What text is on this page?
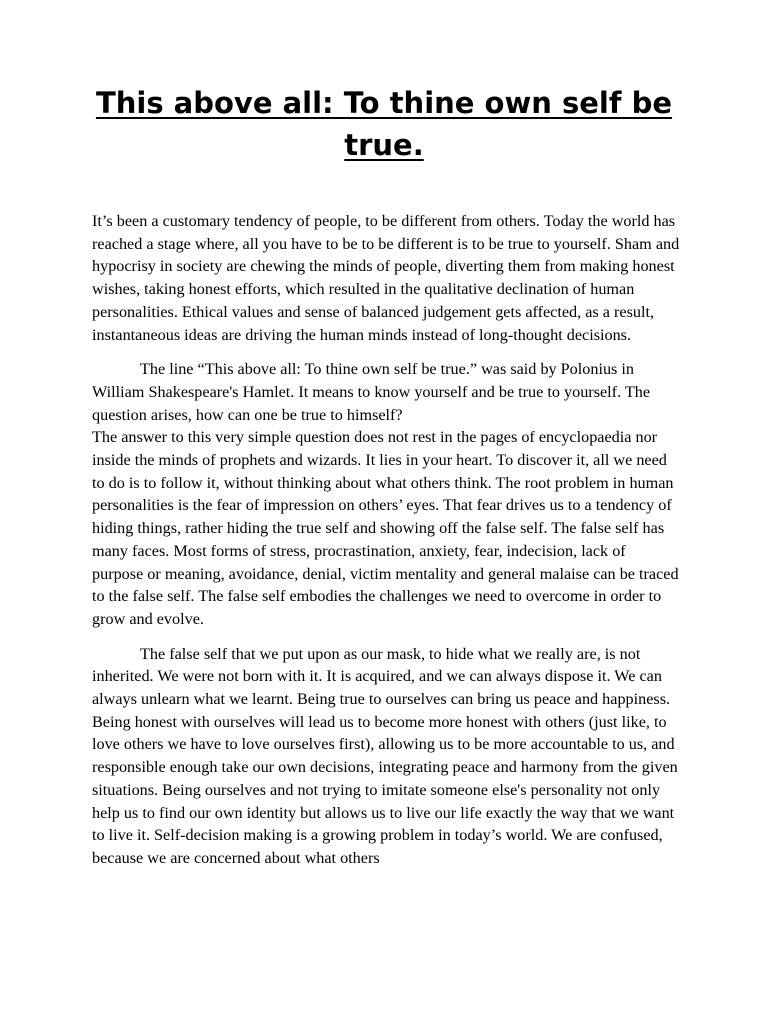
This above all: To thine own self be true.

It’s been a customary tendency of people, to be different from others. Today the world has reached a stage where, all you have to be to be different is to be true to yourself. Sham and hypocrisy in society are chewing the minds of people, diverting them from making honest wishes, taking honest efforts, which resulted in the qualitative declination of human personalities. Ethical values and sense of balanced judgement gets affected, as a result, instantaneous ideas are driving the human minds instead of long-thought decisions.

The line “This above all: To thine own self be true.” was said by Polonius in William Shakespeare's Hamlet. It means to know yourself and be true to yourself. The question arises, how can one be true to himself?

The answer to this very simple question does not rest in the pages of encyclopaedia nor inside the minds of prophets and wizards. It lies in your heart. To discover it, all we need to do is to follow it, without thinking about what others think. The root problem in human personalities is the fear of impression on others’ eyes. That fear drives us to a tendency of hiding things, rather hiding the true self and showing off the false self. The false self has many faces. Most forms of stress, procrastination, anxiety, fear, indecision, lack of purpose or meaning, avoidance, denial, victim mentality and general malaise can be traced to the false self. The false self embodies the challenges we need to overcome in order to grow and evolve.

The false self that we put upon as our mask, to hide what we really are, is not inherited. We were not born with it. It is acquired, and we can always dispose it. We can always unlearn what we learnt. Being true to ourselves can bring us peace and happiness. Being honest with ourselves will lead us to become more honest with others (just like, to love others we have to love ourselves first), allowing us to be more accountable to us, and responsible enough take our own decisions, integrating peace and harmony from the given situations. Being ourselves and not trying to imitate someone else's personality not only help us to find our own identity but allows us to live our life exactly the way that we want to live it. Self-decision making is a growing problem in today’s world. We are confused, because we are concerned about what others
